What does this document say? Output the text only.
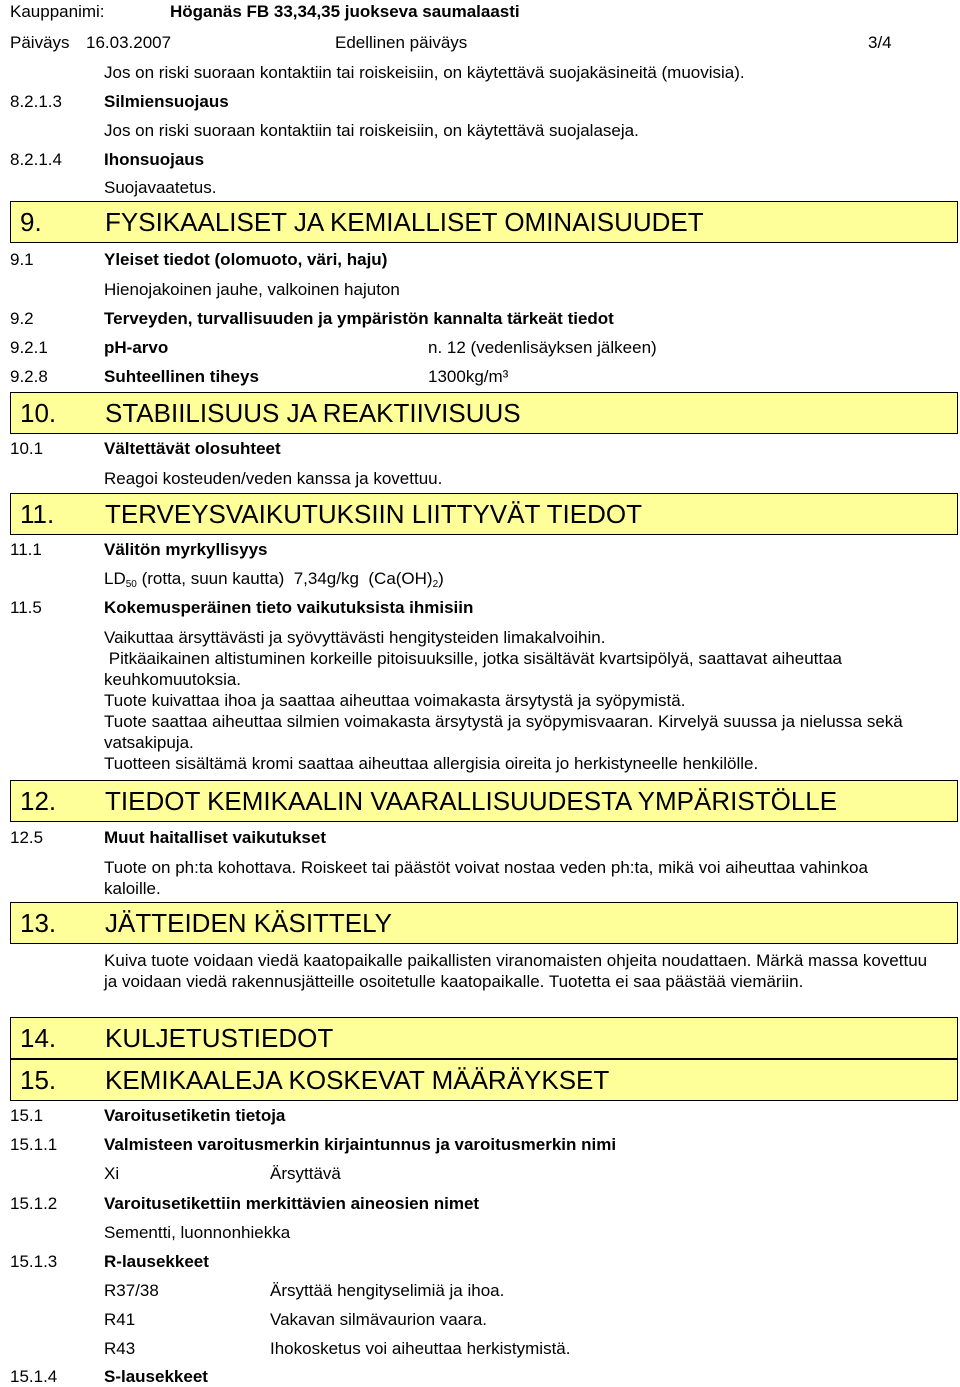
Kauppanimi:	Höganäs FB 33,34,35 juokseva saumalaasti
Päiväys 16.03.2007	Edellinen päiväys	3/4
Jos on riski suoraan kontaktiin tai roiskeisiin, on käytettävä suojakäsineitä (muovisia).
8.2.1.3 Silmiensuojaus
Jos on riski suoraan kontaktiin tai roiskeisiin, on käytettävä suojalaseja.
8.2.1.4 Ihonsuojaus
Suojavaatetus.
9. FYSIKAALISET JA KEMIALLISET OMINAISUUDET
9.1	Yleiset tiedot (olomuoto, väri, haju)
Hienojakoinen jauhe, valkoinen hajuton
9.2	Terveyden, turvallisuuden ja ympäristön kannalta tärkeät tiedot
9.2.1	pH-arvo	n. 12 (vedenlisäyksen jälkeen)
9.2.8	Suhteellinen tiheys	1300kg/m³
10. STABIILISUUS JA REAKTIIVISUUS
10.1	Vältettävät olosuhteet
Reagoi kosteuden/veden kanssa ja kovettuu.
11. TERVEYSVAIKUTUKSIIN LIITTYVÄT TIEDOT
11.1	Välitön myrkyllisyys
$LD_{50}$ (rotta, suun kautta)  7,34g/kg  $(Ca(OH)_2)$
11.5	Kokemusperäinen tieto vaikutuksista ihmisiin
Vaikuttaa ärsyttävästi ja syövyttävästi hengitysteiden limakalvoihin.
Pitkäaikainen altistuminen korkeille pitoisuuksille, jotka sisältävät kvartsipölyä, saattavat aiheuttaa keuhkomuutoksia.
Tuote kuivattaa ihoa ja saattaa aiheuttaa voimakasta ärsytystä ja syöpymistä.
Tuote saattaa aiheuttaa silmien voimakasta ärsytystä ja syöpymisvaaran. Kirvelyä suussa ja nielussa sekä vatsakipuja.
Tuotteen sisältämä kromi saattaa aiheuttaa allergisia oireita jo herkistyneelle henkilölle.
12. TIEDOT KEMIKAALIN VAARALLISUUDESTA YMPÄRISTÖLLE
12.5	Muut haitalliset vaikutukset
Tuote on ph:ta kohottava. Roiskeet tai päästöt voivat nostaa veden ph:ta, mikä voi aiheuttaa vahinkoa kaloille.
13. JÄTTEIDEN KÄSITTELY
Kuiva tuote voidaan viedä kaatopaikalle paikallisten viranomaisten ohjeita noudattaen. Märkä massa kovettuu ja voidaan viedä rakennusjätteille osoitetulle kaatopaikalle. Tuotetta ei saa päästää viemäriin.
14. KULJETUSTIEDOT
15. KEMIKAALEJA KOSKEVAT MÄÄRÄYKSET
15.1	Varoitusetiketin tietoja
15.1.1	Valmisteen varoitusmerkin kirjaintunnus ja varoitusmerkin nimi
Xi	Ärsyttävä
15.1.2	Varoitusetikettiin merkittävien aineosien nimet
Sementti, luonnonhiekka
15.1.3	R-lausekkeet
R37/38	Ärsyttää hengityselimiä ja ihoa.
R41	Vakavan silmävaurion vaara.
R43	Ihokosketus voi aiheuttaa herkistymistä.
15.1.4	S-lausekkeet
